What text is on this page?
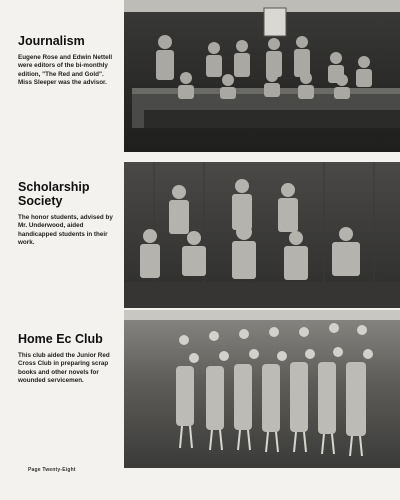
Journalism

Eugene Rose and Edwin Nettell were editors of the bi-monthly edition, "The Red and Gold". Miss Sleeper was the advisor.

Scholarship Society

The honor students, advised by Mr. Underwood, aided handicapped students in their work.

Home Ec Club

This club aided the Junior Red Cross Club in preparing scrap books and other novels for wounded servicemen.

Page Twenty-Eight
